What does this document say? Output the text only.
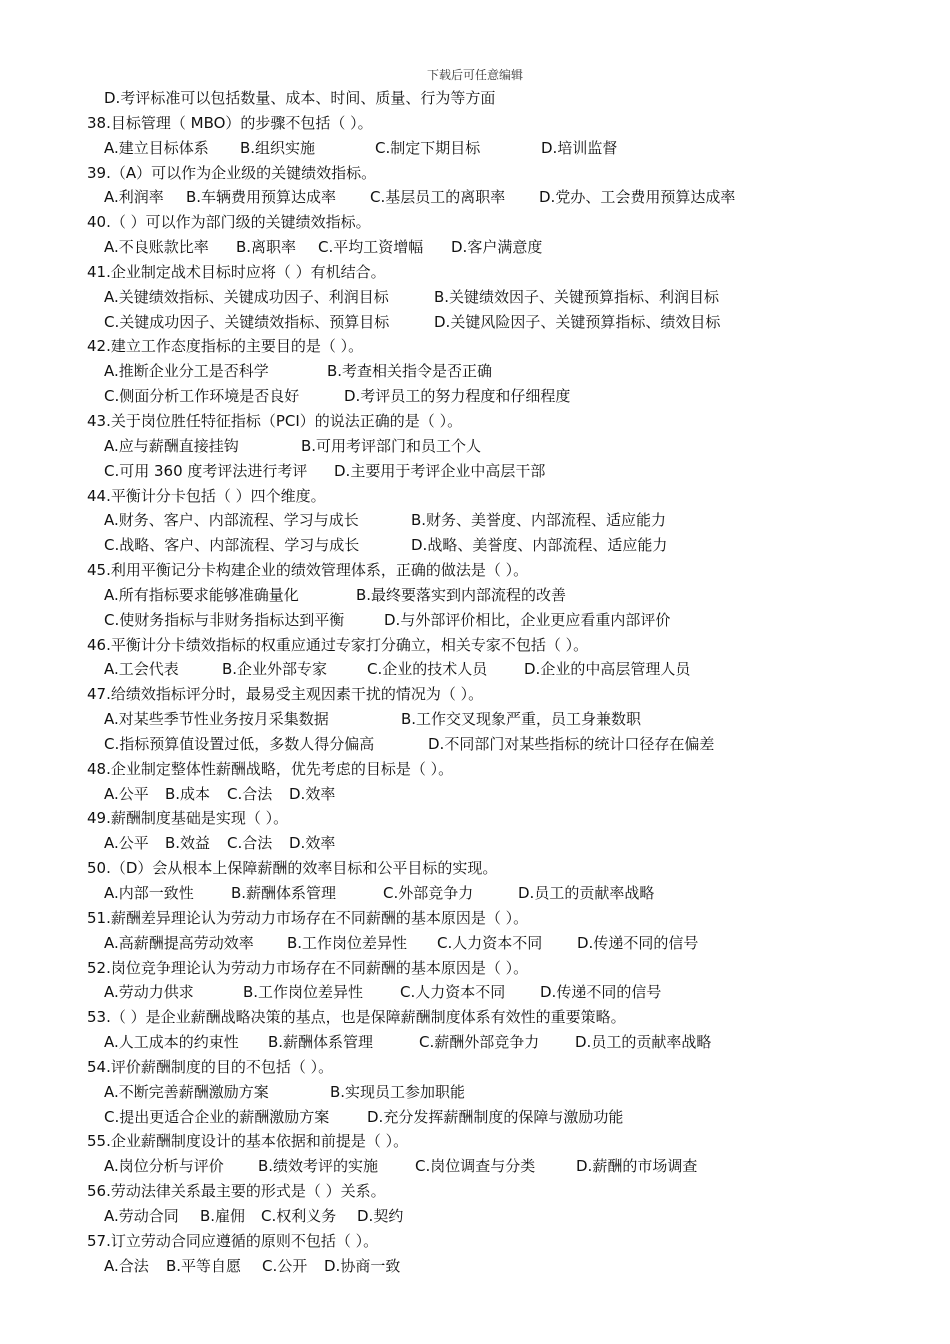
下载后可任意编辑
D.考评标准可以包括数量、成本、时间、质量、行为等方面
38.目标管理（ MBO）的步骤不包括（ ）。
A.建立目标体系 B.组织实施	C.制定下期目标	D.培训监督
39.（A）可以作为企业级的关键绩效指标。
A.利润率 B.车辆费用预算达成率 C.基层员工的离职率 D.党办、工会费用预算达成率
40.（ ）可以作为部门级的关键绩效指标。
A.不良账款比率 B.离职率 C.平均工资增幅 D.客户满意度
41.企业制定战术目标时应将（ ）有机结合。
A.关键绩效指标、关键成功因子、利润目标	B.关键绩效因子、关键预算指标、利润目标
C.关键成功因子、关键绩效指标、预算目标	D.关键风险因子、关键预算指标、绩效目标
42.建立工作态度指标的主要目的是（ ）。
A.推断企业分工是否科学	B.考查相关指令是否正确
C.侧面分析工作环境是否良好	D.考评员工的努力程度和仔细程度
43.关于岗位胜任特征指标（PCI）的说法正确的是（ ）。
A.应与薪酬直接挂钩	B.可用考评部门和员工个人
C.可用 360 度考评法进行考评 D.主要用于考评企业中高层干部
44.平衡计分卡包括（ ）四个维度。
A.财务、客户、内部流程、学习与成长	B.财务、美誉度、内部流程、适应能力
C.战略、客户、内部流程、学习与成长	D.战略、美誉度、内部流程、适应能力
45.利用平衡记分卡构建企业的绩效管理体系，正确的做法是（ ）。
A.所有指标要求能够准确量化	B.最终要落实到内部流程的改善
C.使财务指标与非财务指标达到平衡	D.与外部评价相比，企业更应看重内部评价
46.平衡计分卡绩效指标的权重应通过专家打分确立，相关专家不包括（ ）。
A.工会代表	B.企业外部专家	C.企业的技术人员 D.企业的中高层管理人员
47.给绩效指标评分时，最易受主观因素干扰的情况为（ ）。
A.对某些季节性业务按月采集数据	B.工作交叉现象严重，员工身兼数职
C.指标预算值设置过低，多数人得分偏高	D.不同部门对某些指标的统计口径存在偏差
48.企业制定整体性薪酬战略，优先考虑的目标是（ ）。
A.公平 B.成本 C.合法 D.效率
49.薪酬制度基础是实现（ ）。
A.公平 B.效益 C.合法 D.效率
50.（D）会从根本上保障薪酬的效率目标和公平目标的实现。
A.内部一致性 B.薪酬体系管理	C.外部竞争力	D.员工的贡献率战略
51.薪酬差异理论认为劳动力市场存在不同薪酬的基本原因是（ ）。
A.高薪酬提高劳动效率 B.工作岗位差异性 C.人力资本不同 D.传递不同的信号
52.岗位竞争理论认为劳动力市场存在不同薪酬的基本原因是（ ）。
A.劳动力供求	B.工作岗位差异性 C.人力资本不同 D.传递不同的信号
53.（ ）是企业薪酬战略决策的基点，也是保障薪酬制度体系有效性的重要策略。
A.人工成本的约束性 B.薪酬体系管理	C.薪酬外部竞争力 D.员工的贡献率战略
54.评价薪酬制度的目的不包括（ ）。
A.不断完善薪酬激励方案	B.实现员工参加职能
C.提出更适合企业的薪酬激励方案	D.充分发挥薪酬制度的保障与激励功能
55.企业薪酬制度设计的基本依据和前提是（ ）。
A.岗位分析与评价 B.绩效考评的实施 C.岗位调查与分类	D.薪酬的市场调查
56.劳动法律关系最主要的形式是（ ）关系。
A.劳动合同 B.雇佣 C.权利义务 D.契约
57.订立劳动合同应遵循的原则不包括（ ）。
A.合法 B.平等自愿 C.公开 D.协商一致
